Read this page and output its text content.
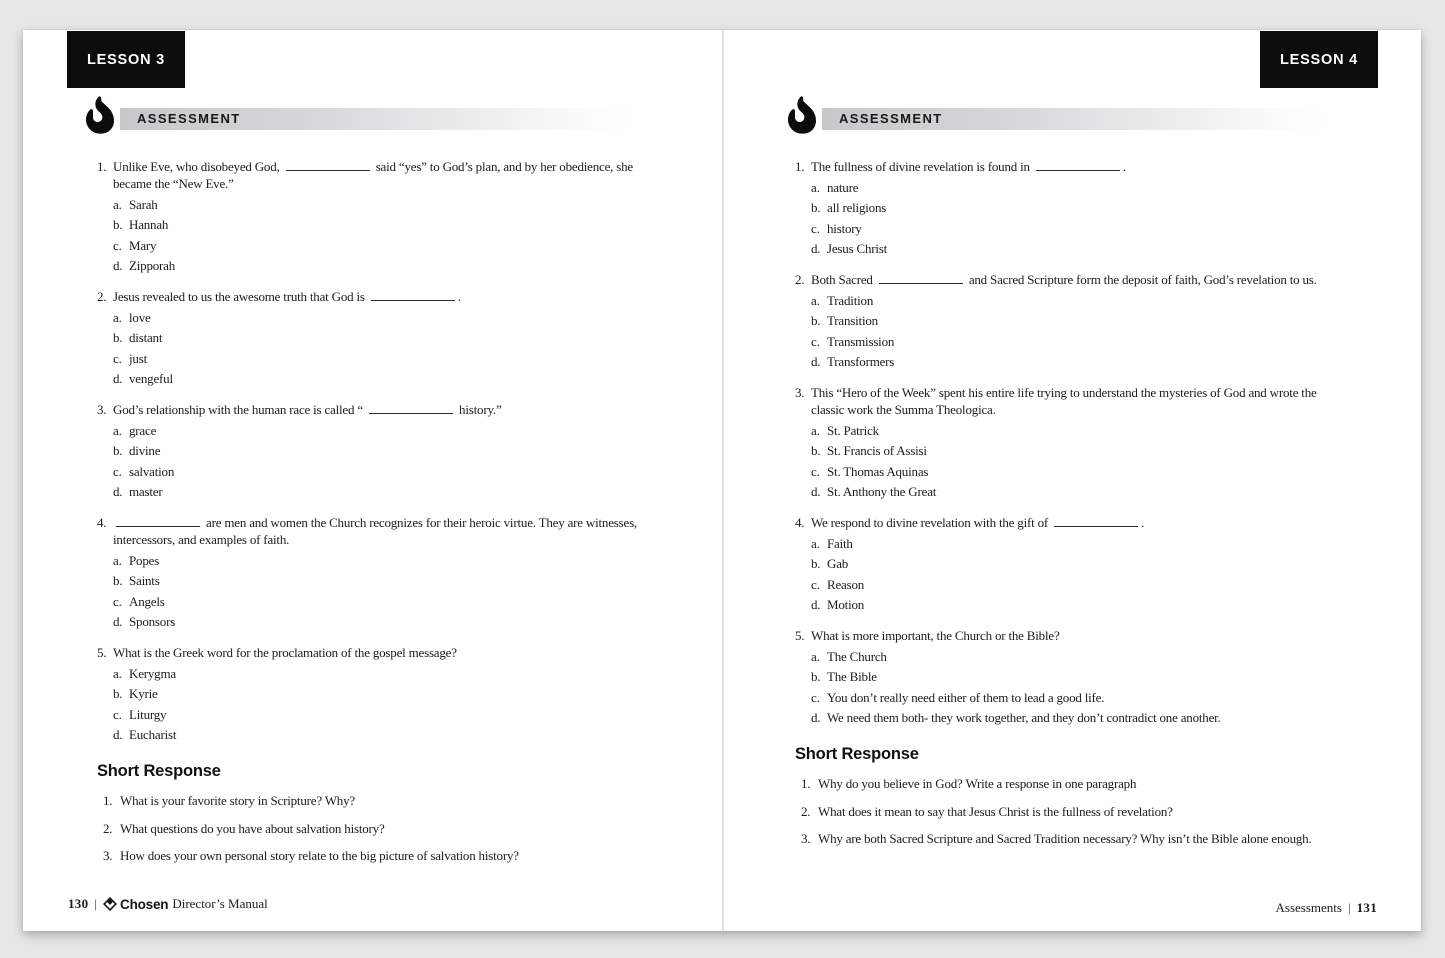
LESSON 3
ASSESSMENT
1. Unlike Eve, who disobeyed God,	said “yes” to God’s plan, and by her obedience, she became the “New Eve.”
a. Sarah
b. Hannah
c. Mary
d. Zipporah
2. Jesus revealed to us the awesome truth that God is	.
a. love
b. distant
c. just
d. vengeful
3. God’s relationship with the human race is called “	history.”
a. grace
b. divine
c. salvation
d. master
4.	are men and women the Church recognizes for their heroic virtue. They are witnesses, intercessors, and examples of faith.
a. Popes
b. Saints
c. Angels
d. Sponsors
5. What is the Greek word for the proclamation of the gospel message?
a. Kerygma
b. Kyrie
c. Liturgy
d. Eucharist
Short Response
1. What is your favorite story in Scripture? Why?
2. What questions do you have about salvation history?
3. How does your own personal story relate to the big picture of salvation history?
130 | Chosen Director’s Manual
LESSON 4
ASSESSMENT
1. The fullness of divine revelation is found in	.
a. nature
b. all religions
c. history
d. Jesus Christ
2. Both Sacred	and Sacred Scripture form the deposit of faith, God’s revelation to us.
a. Tradition
b. Transition
c. Transmission
d. Transformers
3. This “Hero of the Week” spent his entire life trying to understand the mysteries of God and wrote the classic work the Summa Theologica.
a. St. Patrick
b. St. Francis of Assisi
c. St. Thomas Aquinas
d. St. Anthony the Great
4. We respond to divine revelation with the gift of	.
a. Faith
b. Gab
c. Reason
d. Motion
5. What is more important, the Church or the Bible?
a. The Church
b. The Bible
c. You don’t really need either of them to lead a good life.
d. We need them both- they work together, and they don’t contradict one another.
Short Response
1. Why do you believe in God? Write a response in one paragraph
2. What does it mean to say that Jesus Christ is the fullness of revelation?
3. Why are both Sacred Scripture and Sacred Tradition necessary? Why isn’t the Bible alone enough.
Assessments | 131
